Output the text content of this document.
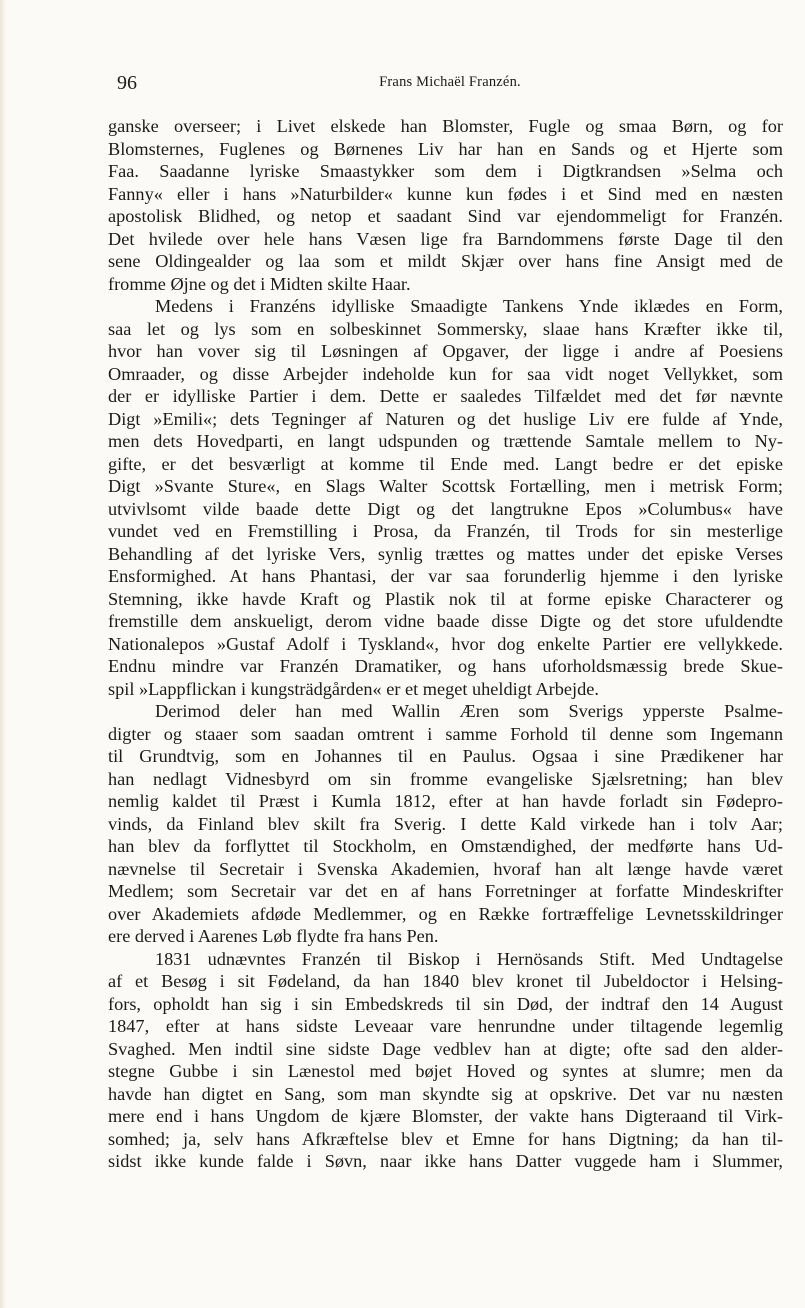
96	Frans Michaël Franzén.
ganske overseer; i Livet elskede han Blomster, Fugle og smaa Børn, og for
Blomsternes, Fuglenes og Børnenes Liv har han en Sands og et Hjerte som
Faa. Saadanne lyriske Smaastykker som dem i Digtkrandsen »Selma och
Fanny« eller i hans »Naturbilder« kunne kun fødes i et Sind med en næsten
apostolisk Blidhed, og netop et saadant Sind var ejendommeligt for Franzén.
Det hvilede over hele hans Væsen lige fra Barndommens første Dage til den
sene Oldingealder og laa som et mildt Skjær over hans fine Ansigt med de
fromme Øjne og det i Midten skilte Haar.
Medens i Franzéns idylliske Smaadigte Tankens Ynde iklædes en Form,
saa let og lys som en solbeskinnet Sommersky, slaae hans Kræfter ikke til,
hvor han vover sig til Løsningen af Opgaver, der ligge i andre af Poesiens
Omraader, og disse Arbejder indeholde kun for saa vidt noget Vellykket, som
der er idylliske Partier i dem. Dette er saaledes Tilfældet med det før nævnte
Digt »Emili«; dets Tegninger af Naturen og det huslige Liv ere fulde af Ynde,
men dets Hovedparti, en langt udspunden og trættende Samtale mellem to Ny-
gifte, er det besværligt at komme til Ende med. Langt bedre er det episke
Digt »Svante Sture«, en Slags Walter Scottsk Fortælling, men i metrisk Form;
utvivlsomt vilde baade dette Digt og det langtrukne Epos »Columbus« have
vundet ved en Fremstilling i Prosa, da Franzén, til Trods for sin mesterlige
Behandling af det lyriske Vers, synlig trættes og mattes under det episke Verses
Ensformighed. At hans Phantasi, der var saa forunderlig hjemme i den lyriske
Stemning, ikke havde Kraft og Plastik nok til at forme episke Characterer og
fremstille dem anskueligt, derom vidne baade disse Digte og det store ufuldendte
Nationalepos »Gustaf Adolf i Tyskland«, hvor dog enkelte Partier ere vellykkede.
Endnu mindre var Franzén Dramatiker, og hans uforholdsmæssig brede Skue-
spil »Lappflickan i kungsträdgården« er et meget uheldigt Arbejde.
Derimod deler han med Wallin Æren som Sverigs ypperste Psalme-
digter og staaer som saadan omtrent i samme Forhold til denne som Ingemann
til Grundtvig, som en Johannes til en Paulus. Ogsaa i sine Prædikener har
han nedlagt Vidnesbyrd om sin fromme evangeliske Sjælsretning; han blev
nemlig kaldet til Præst i Kumla 1812, efter at han havde forladt sin Fødepro-
vinds, da Finland blev skilt fra Sverig. I dette Kald virkede han i tolv Aar;
han blev da forflyttet til Stockholm, en Omstændighed, der medførte hans Ud-
nævnelse til Secretair i Svenska Akademien, hvoraf han alt længe havde været
Medlem; som Secretair var det en af hans Forretninger at forfatte Mindeskrifter
over Akademiets afdøde Medlemmer, og en Række fortræffelige Levnetsskildringer
ere derved i Aarenes Løb flydte fra hans Pen.
1831 udnævntes Franzén til Biskop i Hernösands Stift. Med Undtagelse
af et Besøg i sit Fødeland, da han 1840 blev kronet til Jubeldoctor i Helsing-
fors, opholdt han sig i sin Embedskreds til sin Død, der indtraf den 14 August
1847, efter at hans sidste Leveaar vare henrundne under tiltagende legemlig
Svaghed. Men indtil sine sidste Dage vedblev han at digte; ofte sad den alder-
stegne Gubbe i sin Lænestol med bøjet Hoved og syntes at slumre; men da
havde han digtet en Sang, som man skyndte sig at opskrive. Det var nu næsten
mere end i hans Ungdom de kjære Blomster, der vakte hans Digteraand til Virk-
somhed; ja, selv hans Afkræftelse blev et Emne for hans Digtning; da han til-
sidst ikke kunde falde i Søvn, naar ikke hans Datter vuggede ham i Slummer,
